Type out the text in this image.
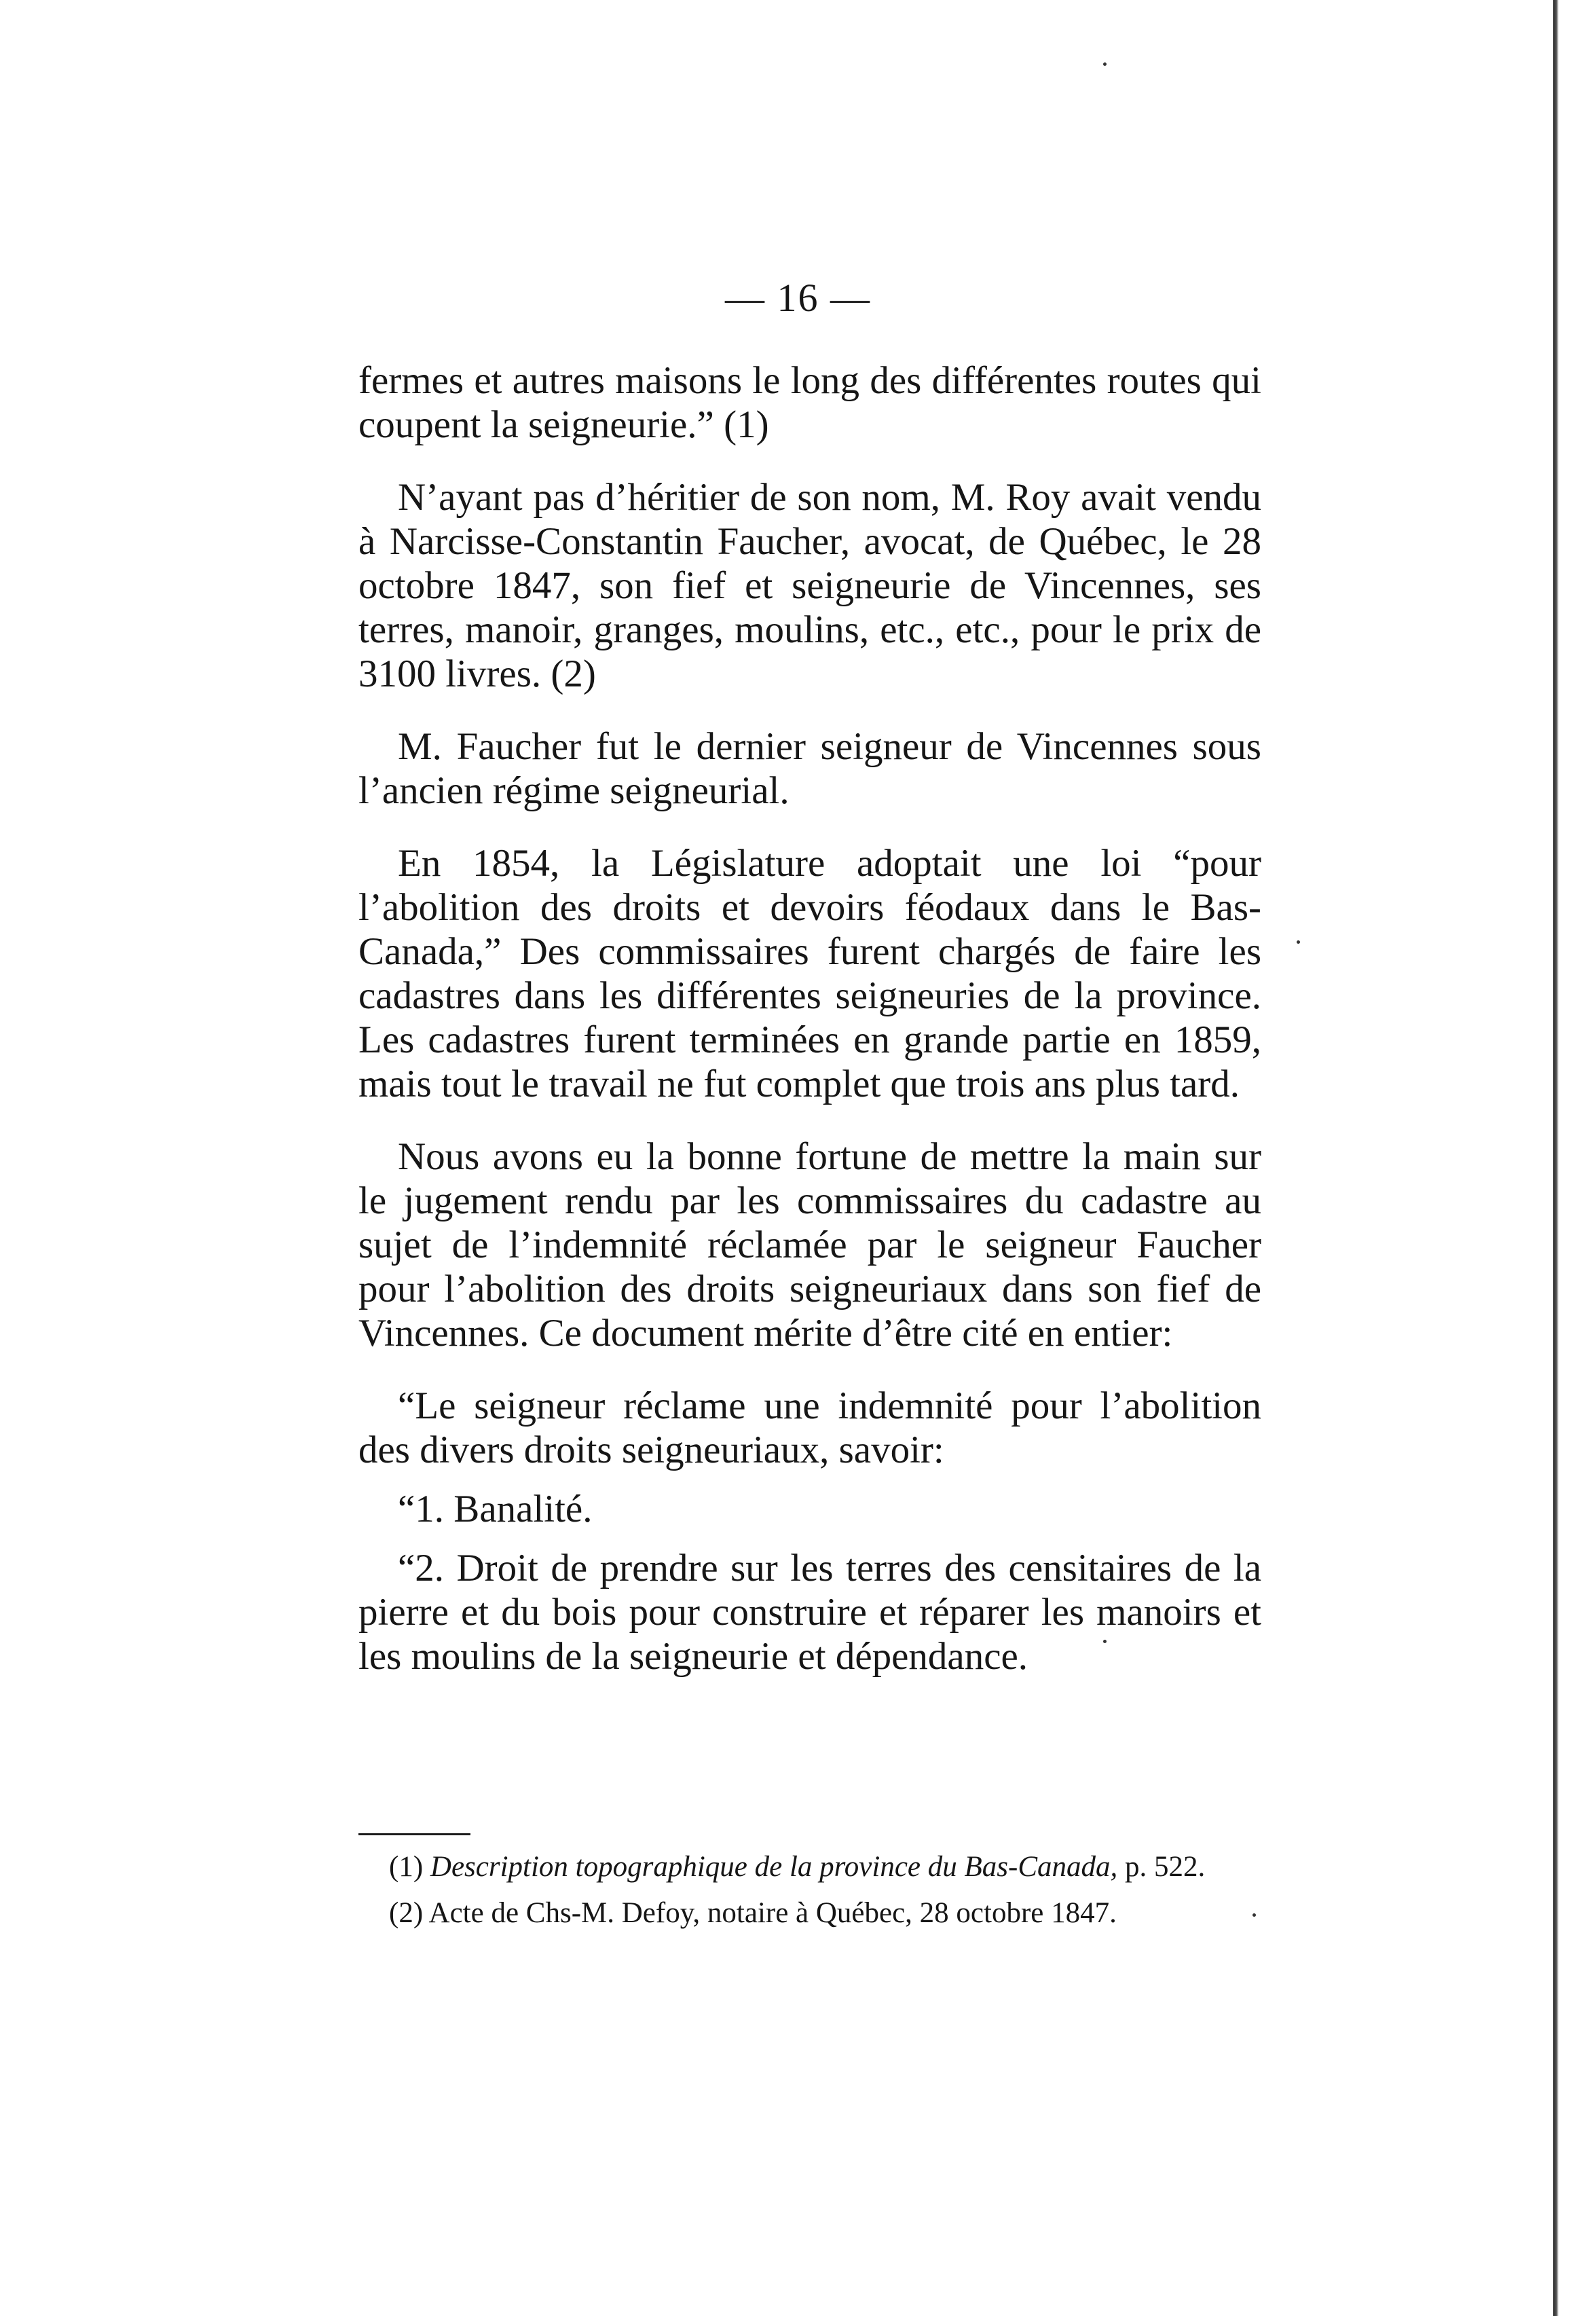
— 16 —

fermes et autres maisons le long des différentes routes qui coupent la seigneurie.” (1)

N’ayant pas d’héritier de son nom, M. Roy avait vendu à Narcisse-Constantin Faucher, avocat, de Québec, le 28 octobre 1847, son fief et seigneurie de Vincennes, ses terres, manoir, granges, moulins, etc., etc., pour le prix de 3100 livres. (2)

M. Faucher fut le dernier seigneur de Vincennes sous l’ancien régime seigneurial.

En 1854, la Législature adoptait une loi “pour l’abolition des droits et devoirs féodaux dans le Bas-Canada,” Des commissaires furent chargés de faire les cadastres dans les différentes seigneuries de la province. Les cadastres furent terminées en grande partie en 1859, mais tout le travail ne fut complet que trois ans plus tard.

Nous avons eu la bonne fortune de mettre la main sur le jugement rendu par les commissaires du cadastre au sujet de l’indemnité réclamée par le seigneur Faucher pour l’abolition des droits seigneuriaux dans son fief de Vincennes. Ce document mérite d’être cité en entier:

“Le seigneur réclame une indemnité pour l’abolition des divers droits seigneuriaux, savoir:

“1. Banalité.

“2. Droit de prendre sur les terres des censitaires de la pierre et du bois pour construire et réparer les manoirs et les moulins de la seigneurie et dépendance.

(1) Description topographique de la province du Bas-Canada, p. 522.

(2) Acte de Chs-M. Defoy, notaire à Québec, 28 octobre 1847.
